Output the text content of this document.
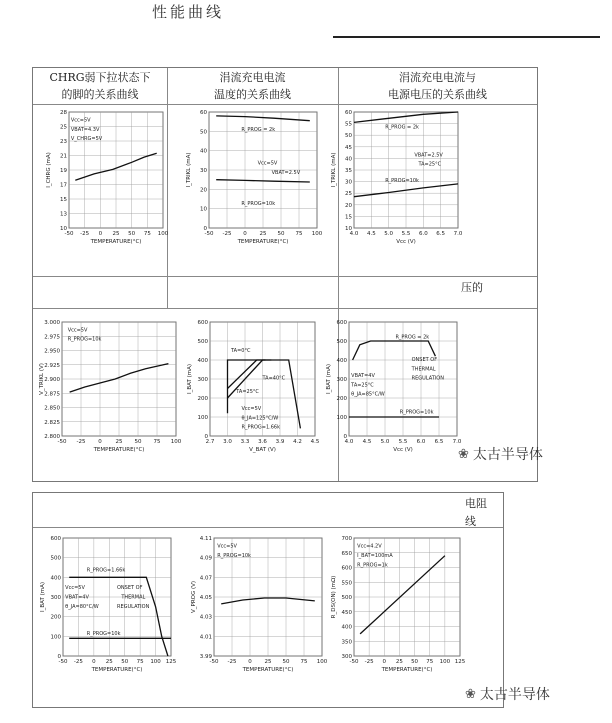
性能曲线
CHRG弱下拉状态下
的脚的关系曲线
涓流充电电流
温度的关系曲线
涓流充电电流与
电源电压的关系曲线
压的
电阻
线
-50 -25 0 25 50 75 100
10
13
15
17
19
21
23
25
28
TEMPERATURE(°C)
I_CHRG (mA)
Vcc=5V
VBAT=4.3V
V_CHRG=5V
-50 -25 0 25 50 75 100
0
10
20
30
40
50
60
TEMPERATURE(°C)
I_TRIKL (mA)
R_PROG = 2k
Vcc=5V
VBAT=2.5V
R_PROG=10k
4.0 4.5 5.0 5.5 6.0 6.5 7.0
10
15
20
25
30
35
40
45
50
55
60
Vcc (V)
I_TRIKL (mA)
R_PROG = 2k
VBAT=2.5V
TA=25°C
R_PROG=10k
-50 -25 0	25 50 75 100
2.800
2.825
2.850
2.875
2.900
2.925
2.950
2.975
3.000
TEMPERATURE(°C)
V_TRIKL (V)
Vcc=5V
R_PROG=10k
2.7 3.0 3.3 3.6 3.9 4.2 4.5
0
100
200
300
400
500
600
V_BAT (V)
I_BAT (mA)
TA=0°C
TA=40°C
TA=25°C
Vcc=5V
θ_JA=125°C/W
R_PROG=1.66k
4.0 4.5 5.0 5.5 6.0 6.5 7.0
0
100
200
300
400
500
600
Vcc (V)
I_BAT (mA)
R_PROG = 2k
ONSET OF
THERMAL
REGULATION
VBAT=4V
TA=25°C
θ_JA=85°C/W
R_PROG=10k
-50 -25 0 25 50 75 100 125
0
100
200
300
400
500
600
TEMPERATURE(°C)
I_BAT (mA)
R_PROG=1.66k
Vcc=5V
VBAT=4V
θ_JA=80°C/W
ONSET OF
THERMAL
REGULATION
R_PROG=10k
-50 -25 0 25 50 75 100
3.99
4.01
4.03
4.05
4.07
4.09
4.11
TEMPERATURE(°C)
V_PROG (V)
Vcc=5V
R_PROG=10k
-50 -25 0 25 50 75 100 125
300
350
400
450
500
550
600
650
700
TEMPERATURE(°C)
R_DS(ON) (mΩ)
Vcc=4.2V
I_BAT=100mA
R_PROG=1k
❀ 太古半导体
❀ 太古半导体
